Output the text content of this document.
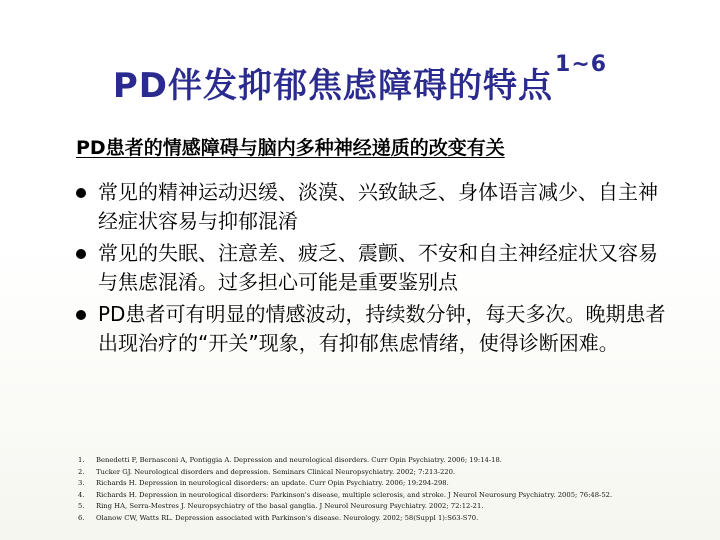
PD伴发抑郁焦虑障碍的特点$^{1\sim 6}$
PD患者的情感障碍与脑内多种神经递质的改变有关
常见的精神运动迟缓、淡漠、兴致缺乏、身体语言减少、自主神经症状容易与抑郁混淆
常见的失眠、注意差、疲乏、震颤、不安和自主神经症状又容易与焦虑混淆。过多担心可能是重要鉴别点
PD患者可有明显的情感波动，持续数分钟，每天多次。晚期患者出现治疗的“开关”现象，有抑郁焦虑情绪，使得诊断困难。
1. Benedetti F, Bernasconi A, Pontiggia A. Depression and neurological disorders. Curr Opin Psychiatry. 2006; 19:14-18.
2. Tucker GJ. Neurological disorders and depression. Seminars Clinical Neuropsychiatry. 2002; 7:213-220.
3. Richards H. Depression in neurological disorders: an update. Curr Opin Psychiatry. 2006; 19:294-298.
4. Richards H. Depression in neurological disorders: Parkinson's disease, multiple sclerosis, and stroke. J Neurol Neurosurg Psychiatry. 2005; 76:48-52.
5. Ring HA, Serra-Mestres J. Neuropsychiatry of the basal ganglia. J Neurol Neurosurg Psychiatry. 2002; 72:12-21.
6. Olanow CW, Watts RL. Depression associated with Parkinson's disease. Neurology. 2002; 58(Suppl 1):S63-S70.
